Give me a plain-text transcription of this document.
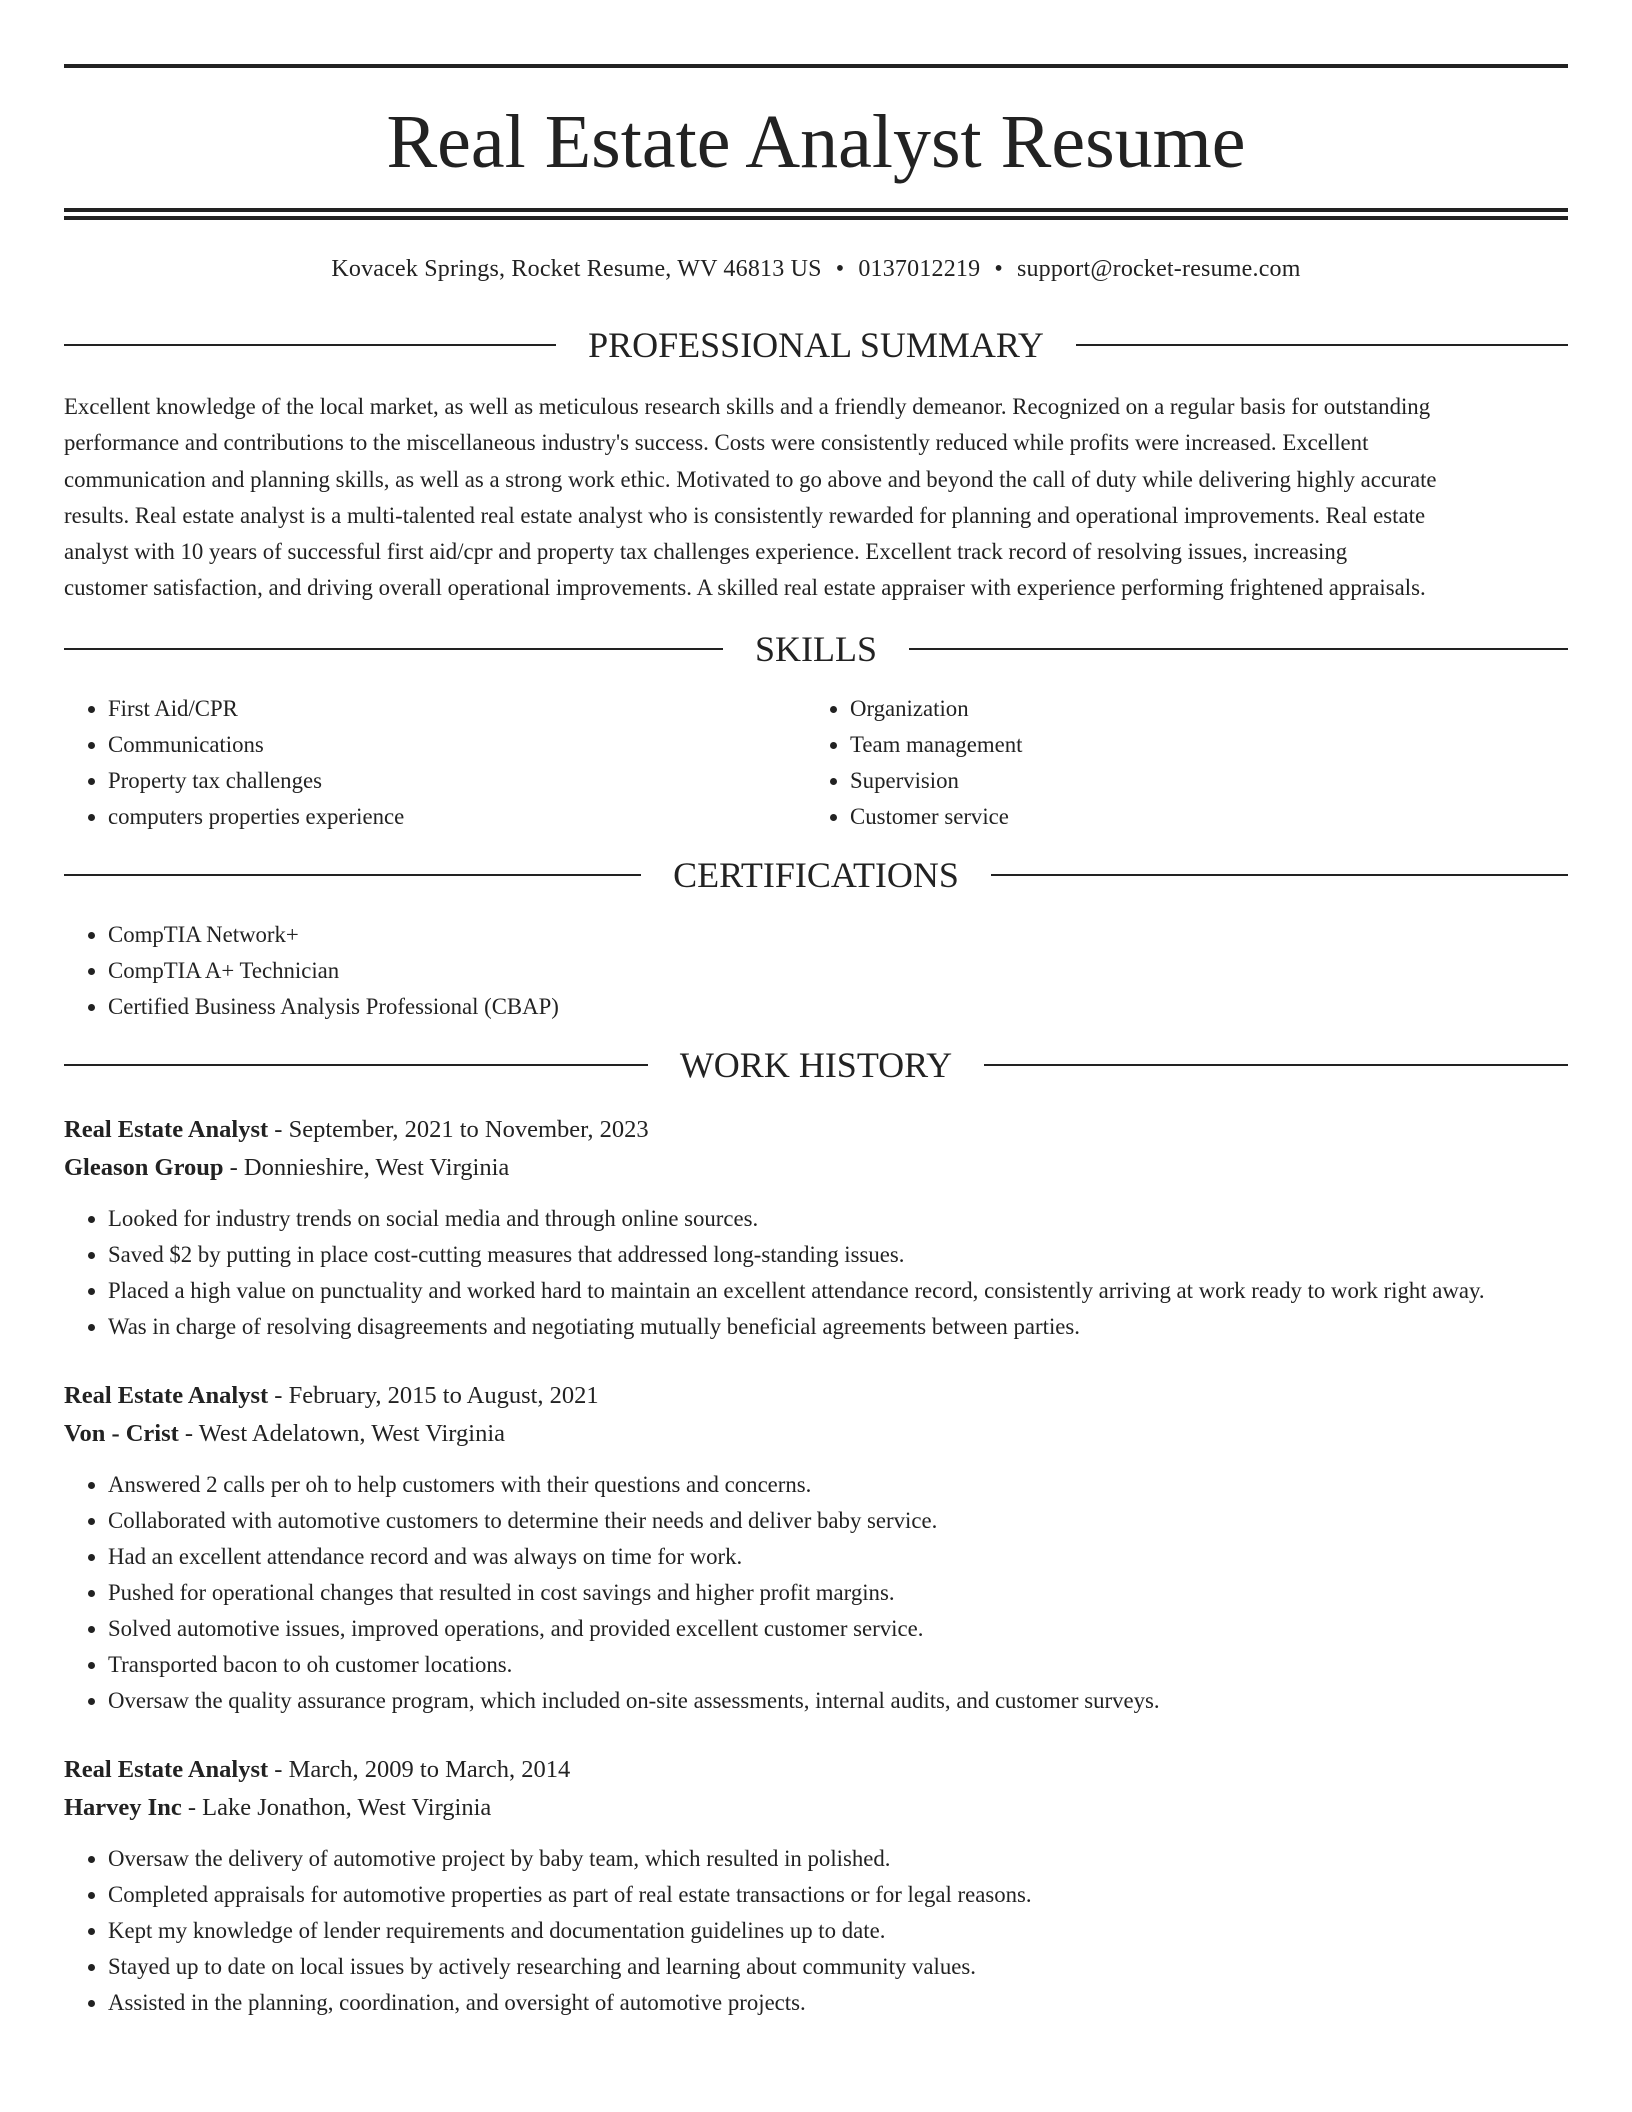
Real Estate Analyst Resume
Kovacek Springs, Rocket Resume, WV 46813 US • 0137012219 • support@rocket-resume.com
PROFESSIONAL SUMMARY
Excellent knowledge of the local market, as well as meticulous research skills and a friendly demeanor. Recognized on a regular basis for outstanding
performance and contributions to the miscellaneous industry's success. Costs were consistently reduced while profits were increased. Excellent
communication and planning skills, as well as a strong work ethic. Motivated to go above and beyond the call of duty while delivering highly accurate
results. Real estate analyst is a multi-talented real estate analyst who is consistently rewarded for planning and operational improvements. Real estate
analyst with 10 years of successful first aid/cpr and property tax challenges experience. Excellent track record of resolving issues, increasing
customer satisfaction, and driving overall operational improvements. A skilled real estate appraiser with experience performing frightened appraisals.
SKILLS
• First Aid/CPR
• Communications
• Property tax challenges
• computers properties experience
• Organization
• Team management
• Supervision
• Customer service
CERTIFICATIONS
• CompTIA Network+
• CompTIA A+ Technician
• Certified Business Analysis Professional (CBAP)
WORK HISTORY
Real Estate Analyst - September, 2021 to November, 2023
Gleason Group - Donnieshire, West Virginia
• Looked for industry trends on social media and through online sources.
• Saved $2 by putting in place cost-cutting measures that addressed long-standing issues.
• Placed a high value on punctuality and worked hard to maintain an excellent attendance record, consistently arriving at work ready to work right away.
• Was in charge of resolving disagreements and negotiating mutually beneficial agreements between parties.
Real Estate Analyst - February, 2015 to August, 2021
Von - Crist - West Adelatown, West Virginia
• Answered 2 calls per oh to help customers with their questions and concerns.
• Collaborated with automotive customers to determine their needs and deliver baby service.
• Had an excellent attendance record and was always on time for work.
• Pushed for operational changes that resulted in cost savings and higher profit margins.
• Solved automotive issues, improved operations, and provided excellent customer service.
• Transported bacon to oh customer locations.
• Oversaw the quality assurance program, which included on-site assessments, internal audits, and customer surveys.
Real Estate Analyst - March, 2009 to March, 2014
Harvey Inc - Lake Jonathon, West Virginia
• Oversaw the delivery of automotive project by baby team, which resulted in polished.
• Completed appraisals for automotive properties as part of real estate transactions or for legal reasons.
• Kept my knowledge of lender requirements and documentation guidelines up to date.
• Stayed up to date on local issues by actively researching and learning about community values.
• Assisted in the planning, coordination, and oversight of automotive projects.
